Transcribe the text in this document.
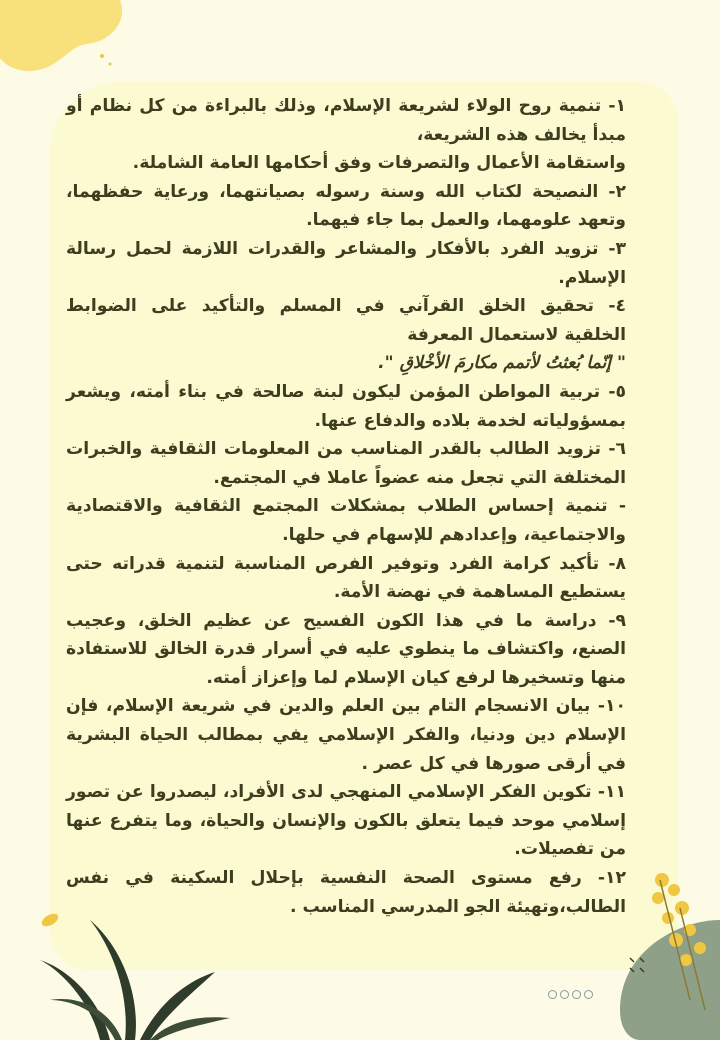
١- تنمية روح الولاء لشريعة الإسلام، وذلك بالبراءة من كل نظام أو مبدأ يخالف هذه الشريعة،

واستقامة الأعمال والتصرفات وفق أحكامها العامة الشاملة.

٢- النصيحة لكتاب الله وسنة رسوله بصيانتهما، ورعاية حفظهما، وتعهد علومهما، والعمل بما جاء فيهما.

٣- تزويد الفرد بالأفكار والمشاعر والقدرات اللازمة لحمل رسالة الإسلام.

٤- تحقيق الخلق القرآني في المسلم والتأكيد على الضوابط الخلقية لاستعمال المعرفة

" إنّما بُعثتُ لأتمم مكارمَ الأخْلاقِ ".

٥- تربية المواطن المؤمن ليكون لبنة صالحة في بناء أمته، ويشعر بمسؤولياته لخدمة بلاده والدفاع عنها.

٦- تزويد الطالب بالقدر المناسب من المعلومات الثقافية والخبرات المختلفة التي تجعل منه عضواً عاملا في المجتمع.

- تنمية إحساس الطلاب بمشكلات المجتمع الثقافية والاقتصادية والاجتماعية، وإعدادهم للإسهام في حلها.

٨- تأكيد كرامة الفرد وتوفير الفرص المناسبة لتنمية قدراته حتى يستطيع المساهمة في نهضة الأمة.

٩- دراسة ما في هذا الكون الفسيح عن عظيم الخلق، وعجيب الصنع، واكتشاف ما ينطوي عليه في أسرار قدرة الخالق للاستفادة منها وتسخيرها لرفع كيان الإسلام لما وإعزاز أمته.

١٠- بيان الانسجام التام بين العلم والدين في شريعة الإسلام، فإن الإسلام دين ودنيا، والفكر الإسلامي يفي بمطالب الحياة البشرية في أرقى صورها في كل عصر .

١١- تكوين الفكر الإسلامي المنهجي لدى الأفراد، ليصدروا عن تصور إسلامي موحد فيما يتعلق بالكون والإنسان والحياة، وما يتفرع عنها من تفصيلات.

١٢- رفع مستوى الصحة النفسية بإحلال السكينة في نفس الطالب،وتهيئة الجو المدرسي المناسب .
